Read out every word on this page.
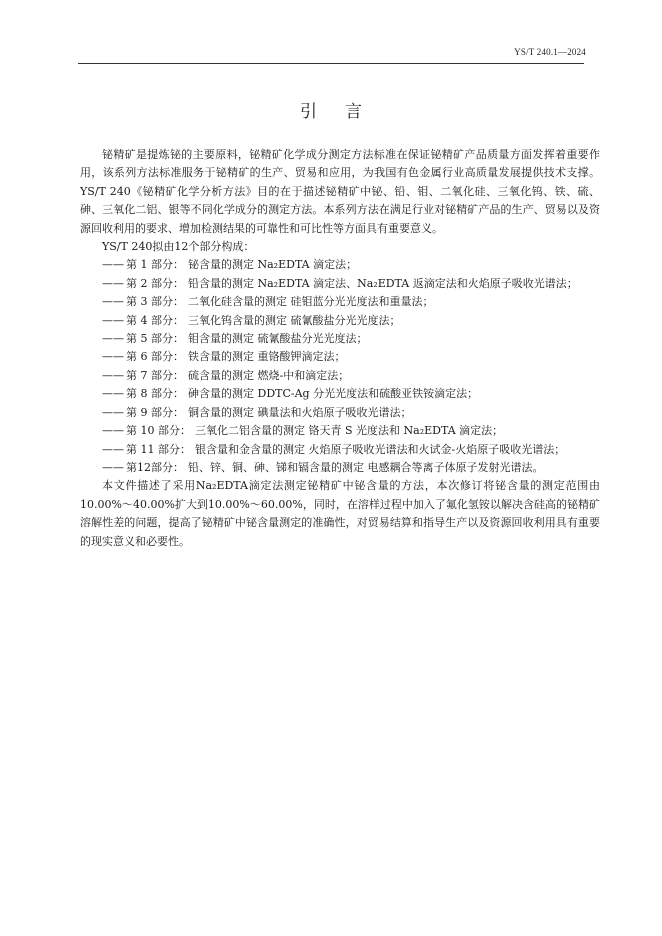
YS/T 240.1—2024
引言

铋精矿是提炼铋的主要原料，铋精矿化学成分测定方法标准在保证铋精矿产品质量方面发挥着重要作用，该系列方法标准服务于铋精矿的生产、贸易和应用，为我国有色金属行业高质量发展提供技术支撑。YS/T 240《铋精矿化学分析方法》目的在于描述铋精矿中铋、铅、钼、二氧化硅、三氧化钨、铁、硫、砷、三氧化二铝、银等不同化学成分的测定方法。本系列方法在满足行业对铋精矿产品的生产、贸易以及资源回收利用的要求、增加检测结果的可靠性和可比性等方面具有重要意义。

YS/T 240拟由12个部分构成：

—— 第 1 部分： 铋含量的测定 Na₂EDTA 滴定法；
—— 第 2 部分： 铅含量的测定 Na₂EDTA 滴定法、Na₂EDTA 返滴定法和火焰原子吸收光谱法；
—— 第 3 部分： 二氧化硅含量的测定 硅钼蓝分光光度法和重量法；
—— 第 4 部分： 三氧化钨含量的测定 硫氰酸盐分光光度法；
—— 第 5 部分： 钼含量的测定 硫氰酸盐分光光度法；
—— 第 6 部分： 铁含量的测定 重铬酸钾滴定法；
—— 第 7 部分： 硫含量的测定 燃烧-中和滴定法；
—— 第 8 部分： 砷含量的测定 DDTC-Ag 分光光度法和硫酸亚铁铵滴定法；
—— 第 9 部分： 铜含量的测定 碘量法和火焰原子吸收光谱法；
—— 第 10 部分： 三氧化二铝含量的测定 铬天青 S 光度法和 Na₂EDTA 滴定法；
—— 第 11 部分： 银含量和金含量的测定 火焰原子吸收光谱法和火试金-火焰原子吸收光谱法；
—— 第12部分： 铅、锌、铜、砷、锑和镉含量的测定 电感耦合等离子体原子发射光谱法。

本文件描述了采用Na₂EDTA滴定法测定铋精矿中铋含量的方法，本次修订将铋含量的测定范围由10.00%～40.00%扩大到10.00%～60.00%，同时，在溶样过程中加入了氟化氢铵以解决含硅高的铋精矿溶解性差的问题，提高了铋精矿中铋含量测定的准确性，对贸易结算和指导生产以及资源回收利用具有重要的现实意义和必要性。
